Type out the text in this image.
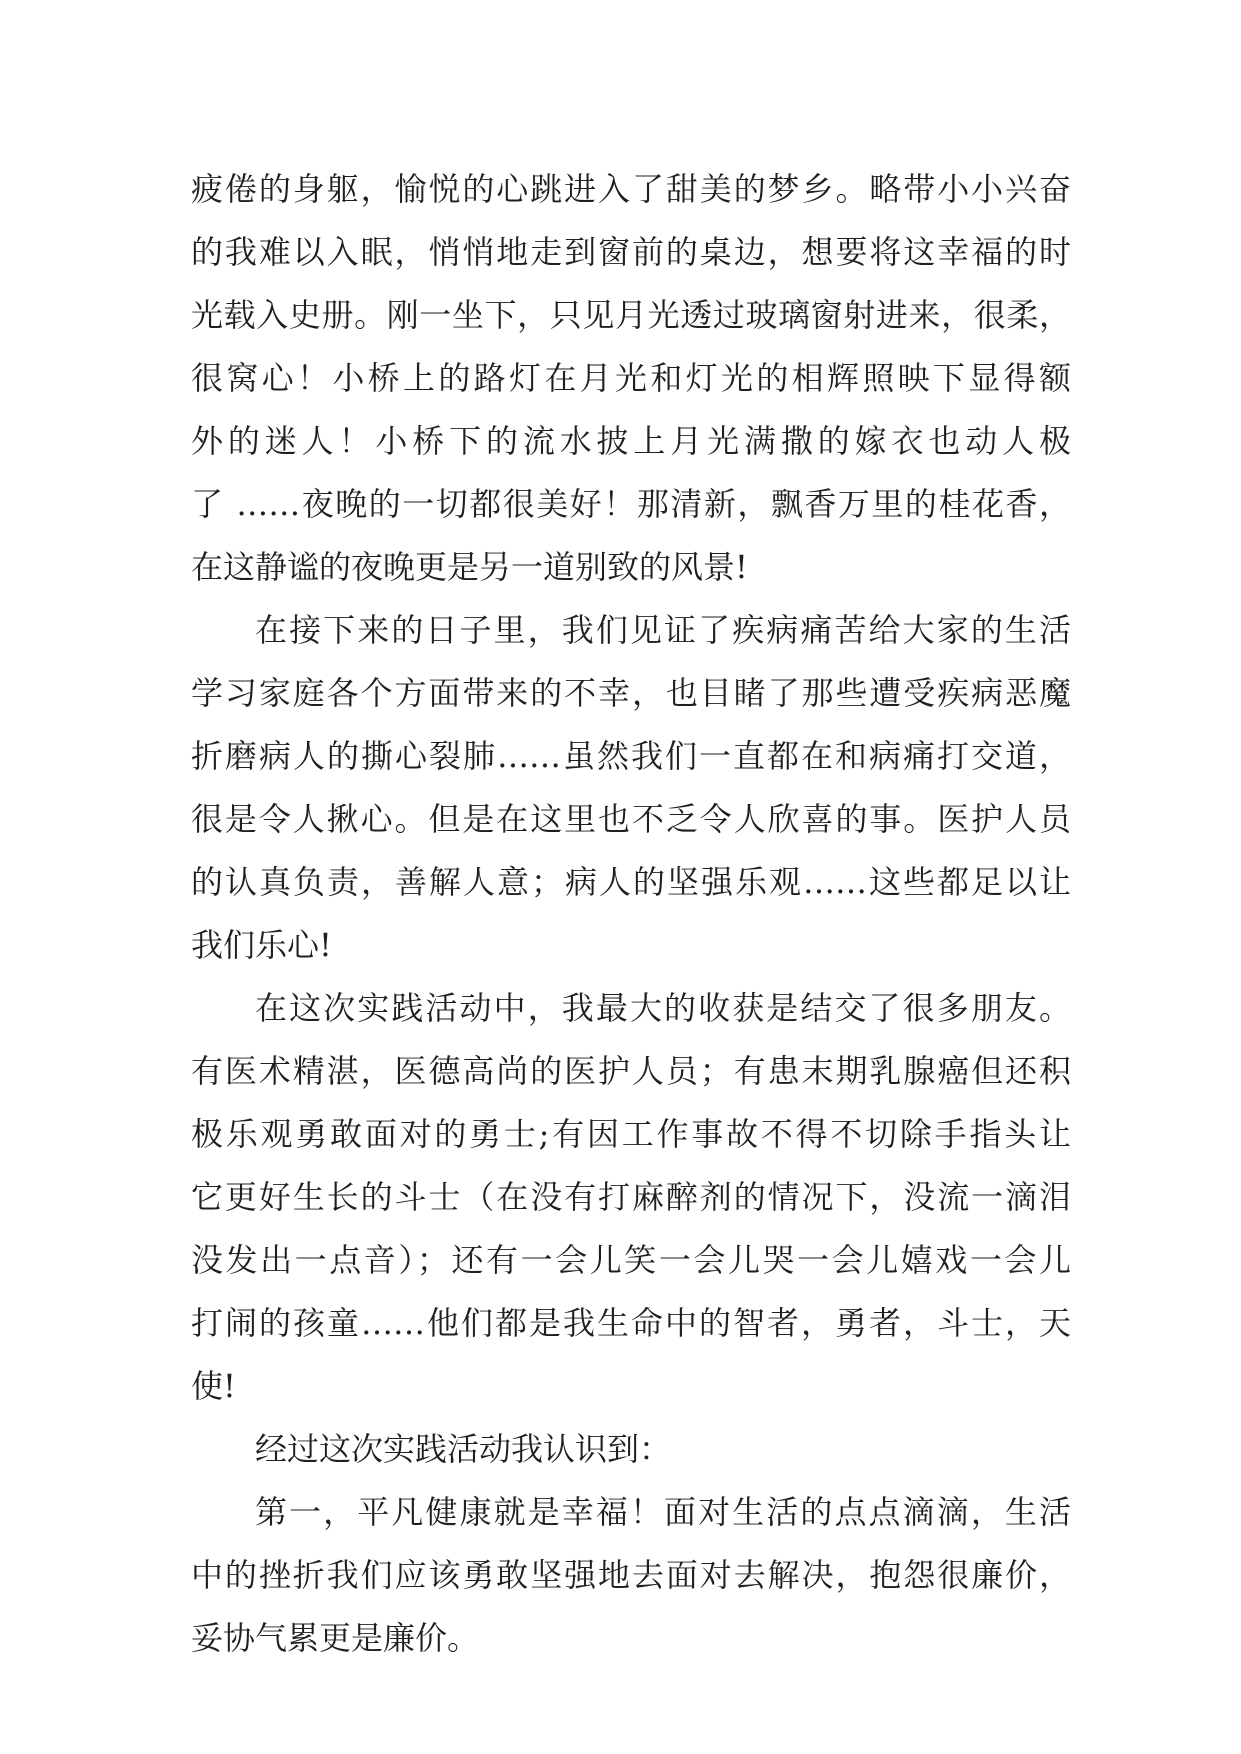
疲倦的身躯，愉悦的心跳进入了甜美的梦乡。略带小小兴奋
的我难以入眠，悄悄地走到窗前的桌边，想要将这幸福的时
光载入史册。刚一坐下，只见月光透过玻璃窗射进来，很柔，
很窝心！小桥上的路灯在月光和灯光的相辉照映下显得额
外的迷人！小桥下的流水披上月光满撒的嫁衣也动人极
了 ……夜晚的一切都很美好！那清新，飘香万里的桂花香，
在这静谧的夜晚更是另一道别致的风景!
在接下来的日子里，我们见证了疾病痛苦给大家的生活
学习家庭各个方面带来的不幸，也目睹了那些遭受疾病恶魔
折磨病人的撕心裂肺……虽然我们一直都在和病痛打交道，
很是令人揪心。但是在这里也不乏令人欣喜的事。医护人员
的认真负责，善解人意；病人的坚强乐观……这些都足以让
我们乐心!
在这次实践活动中，我最大的收获是结交了很多朋友。
有医术精湛，医德高尚的医护人员；有患末期乳腺癌但还积
极乐观勇敢面对的勇士;有因工作事故不得不切除手指头让
它更好生长的斗士（在没有打麻醉剂的情况下，没流一滴泪
没发出一点音）；还有一会儿笑一会儿哭一会儿嬉戏一会儿
打闹的孩童……他们都是我生命中的智者，勇者，斗士，天
使!
经过这次实践活动我认识到：
第一，平凡健康就是幸福！面对生活的点点滴滴，生活
中的挫折我们应该勇敢坚强地去面对去解决，抱怨很廉价，
妥协气累更是廉价。
